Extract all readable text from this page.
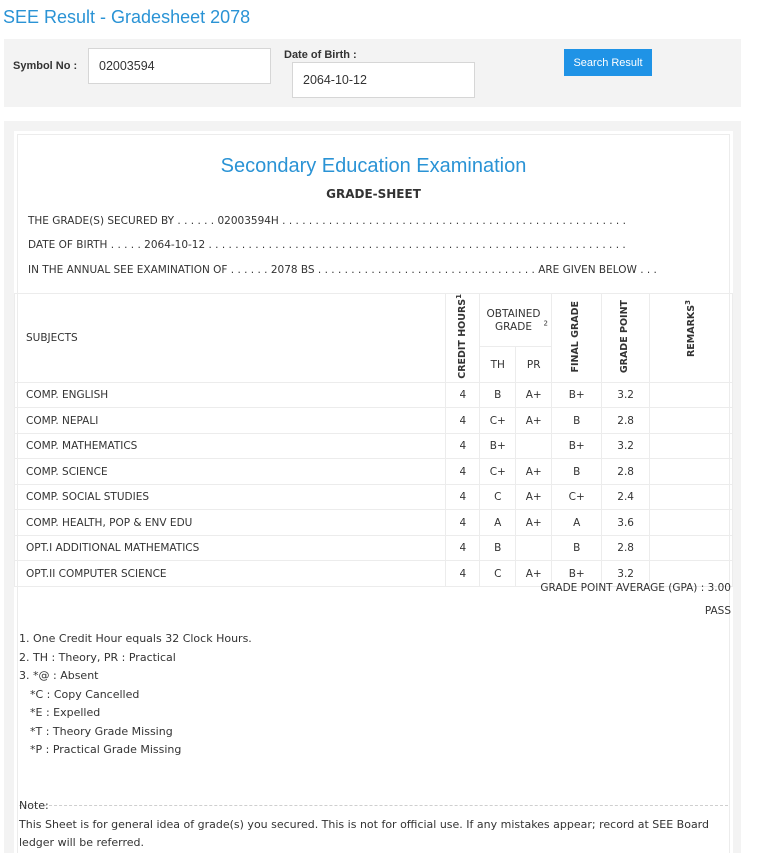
SEE Result - Gradesheet 2078
Symbol No :
02003594
Date of Birth :
2064-10-12
Search Result
Secondary Education Examination
GRADE-SHEET
THE GRADE(S) SECURED BY . . . . . . 02003594H . . . . . . . . . . . . . . . . . . . . . . . . . . . . . . . . . . . . . . . . . . . . . . . . . . . .
DATE OF BIRTH . . . . . 2064-10-12 . . . . . . . . . . . . . . . . . . . . . . . . . . . . . . . . . . . . . . . . . . . . . . . . . . . . . . . . . . . . . . .
IN THE ANNUAL SEE EXAMINATION OF . . . . . . 2078 BS . . . . . . . . . . . . . . . . . . . . . . . . . . . . . . . . . ARE GIVEN BELOW . . .
SUBJECTS	CREDIT HOURS$^1$	OBTAINED GRADE $^2$		FINAL GRADE	GRADE POINT	REMARKS$^3$
		TH	PR			
COMP. ENGLISH	4	B	A+	B+	3.2	
COMP. NEPALI	4	C+	A+	B	2.8	
COMP. MATHEMATICS	4	B+		B+	3.2	
COMP. SCIENCE	4	C+	A+	B	2.8	
COMP. SOCIAL STUDIES	4	C	A+	C+	2.4	
COMP. HEALTH, POP & ENV EDU	4	A	A+	A	3.6	
OPT.I ADDITIONAL MATHEMATICS	4	B		B	2.8	
OPT.II COMPUTER SCIENCE	4	C	A+	B+	3.2	
GRADE POINT AVERAGE (GPA) : 3.00
PASS
1. One Credit Hour equals 32 Clock Hours.
2. TH : Theory, PR : Practical
3. *@ : Absent
*C : Copy Cancelled
*E : Expelled
*T : Theory Grade Missing
*P : Practical Grade Missing
Note:
This Sheet is for general idea of grade(s) you secured. This is not for official use. If any mistakes appear; record at SEE Board ledger will be referred.
